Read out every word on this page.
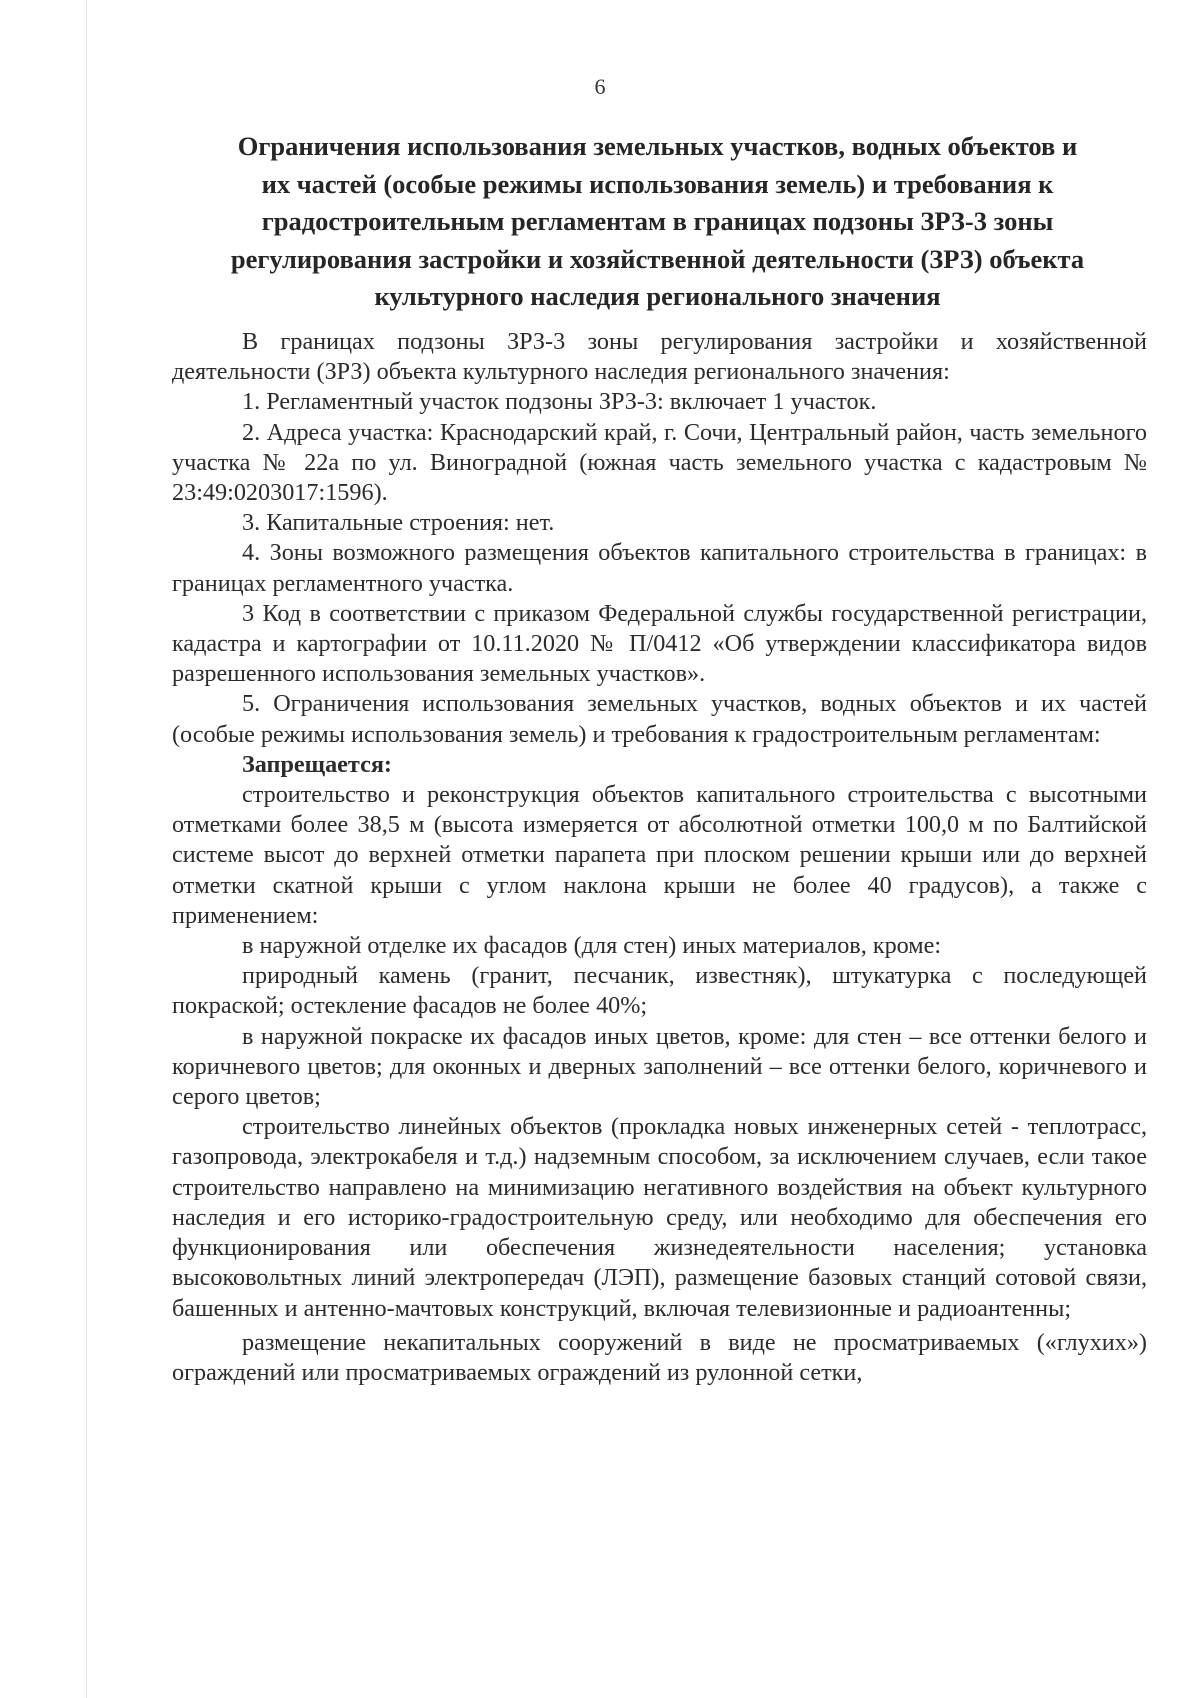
6
Ограничения использования земельных участков, водных объектов и
их частей (особые режимы использования земель) и требования к
градостроительным регламентам в границах подзоны ЗРЗ-3 зоны
регулирования застройки и хозяйственной деятельности (ЗРЗ) объекта
культурного наследия регионального значения

В границах подзоны ЗРЗ-3 зоны регулирования застройки и хозяйственной деятельности (ЗРЗ) объекта культурного наследия регионального значения:

1. Регламентный участок подзоны ЗРЗ-3: включает 1 участок.

2. Адреса участка: Краснодарский край, г. Сочи, Центральный район, часть земельного участка № 22а по ул. Виноградной (южная часть земельного участка с кадастровым № 23:49:0203017:1596).

3. Капитальные строения: нет.

4. Зоны возможного размещения объектов капитального строительства в границах: в границах регламентного участка.

3 Код в соответствии с приказом Федеральной службы государственной регистрации, кадастра и картографии от 10.11.2020 № П/0412 «Об утверждении классификатора видов разрешенного использования земельных участков».

5. Ограничения использования земельных участков, водных объектов и их частей (особые режимы использования земель) и требования к градостроительным регламентам:

Запрещается:

строительство и реконструкция объектов капитального строительства с высотными отметками более 38,5 м (высота измеряется от абсолютной отметки 100,0 м по Балтийской системе высот до верхней отметки парапета при плоском решении крыши или до верхней отметки скатной крыши с углом наклона крыши не более 40 градусов), а также с применением:

в наружной отделке их фасадов (для стен) иных материалов, кроме:

природный камень (гранит, песчаник, известняк), штукатурка с последующей покраской; остекление фасадов не более 40%;

в наружной покраске их фасадов иных цветов, кроме: для стен – все оттенки белого и коричневого цветов; для оконных и дверных заполнений – все оттенки белого, коричневого и серого цветов;

строительство линейных объектов (прокладка новых инженерных сетей - теплотрасс, газопровода, электрокабеля и т.д.) надземным способом, за исключением случаев, если такое строительство направлено на минимизацию негативного воздействия на объект культурного наследия и его историко-градостроительную среду, или необходимо для обеспечения его функционирования или обеспечения жизнедеятельности населения; установка высоковольтных линий электропередач (ЛЭП), размещение базовых станций сотовой связи, башенных и антенно-мачтовых конструкций, включая телевизионные и радиоантенны;

размещение некапитальных сооружений в виде не просматриваемых («глухих») ограждений или просматриваемых ограждений из рулонной сетки,
